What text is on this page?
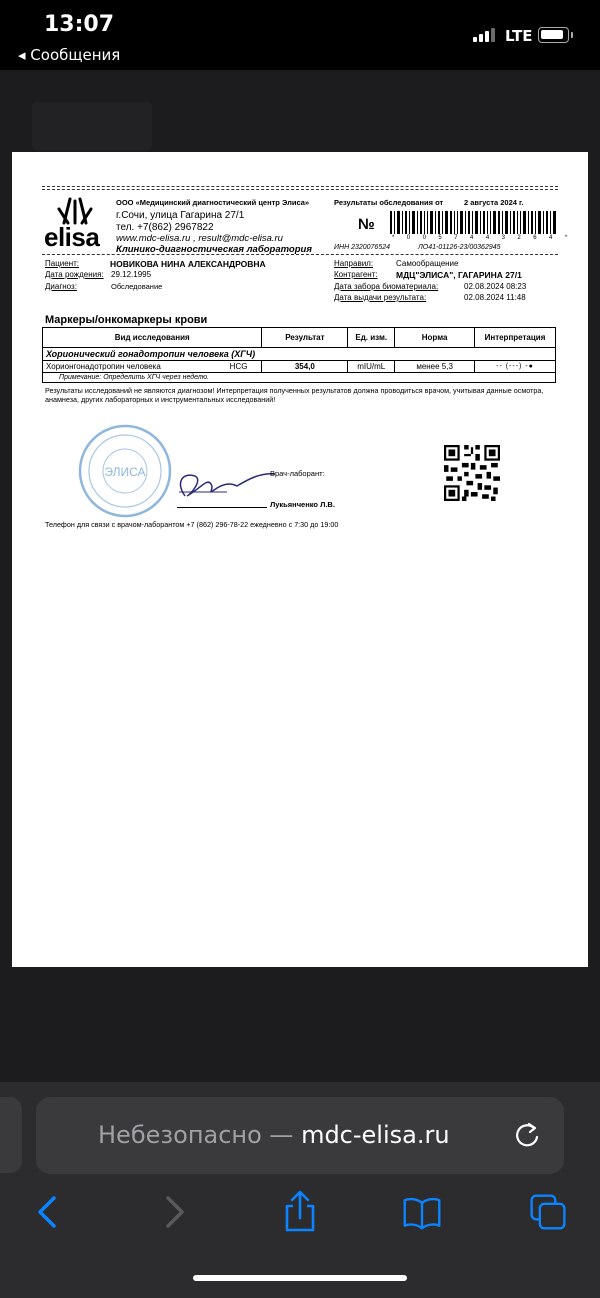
13:07
◂ Сообщения
LTE
elisa
ООО «Медицинский диагностический центр Элиса»
г.Сочи, улица Гагарина 27/1
тел. +7(862) 2967822
www.mdc-elisa.ru , result@mdc-elisa.ru
Клинико-диагностическая лаборатория
Результаты обследования от	2 августа 2024 г.
№
* 0 0 5 7 4 4 3 2 6 4 *
ИНН 2320076524	ЛО41-01126-23/00362945
Пациент:	НОВИКОВА НИНА АЛЕКСАНДРОВНА
Дата рождения: 29.12.1995
Диагноз:	Обследование
Направил:	Самообращение
Контрагент: МДЦ"ЭЛИСА", ГАГАРИНА 27/1
Дата забора биоматериала:	02.08.2024 08:23
Дата выдачи результата:	02.08.2024 11:48
Маркеры/онкомаркеры крови
Вид исследования	Результат	Ед. изм.	Норма	Интерпретация
Хорионический гонадотропин человека (ХГЧ)				
Хорионгонадотропин человека HCG	354,0	mIU/mL	менее 5,3	-- (---) -●
Примечание: Определить ХГЧ через неделю.				
Результаты исследований не являются диагнозом! Интерпретация полученных результатов должна проводиться врачом, учитывая данные осмотра, анамнеза, других лабораторных и инструментальных исследований!
ЭЛИСА	Врач-лаборант:
Лукьянченко Л.В.
Телефон для связи с врачом-лаборантом +7 (862) 296-78-22 ежедневно с 7:30 до 19:00
Небезопасно — mdc-elisa.ru
